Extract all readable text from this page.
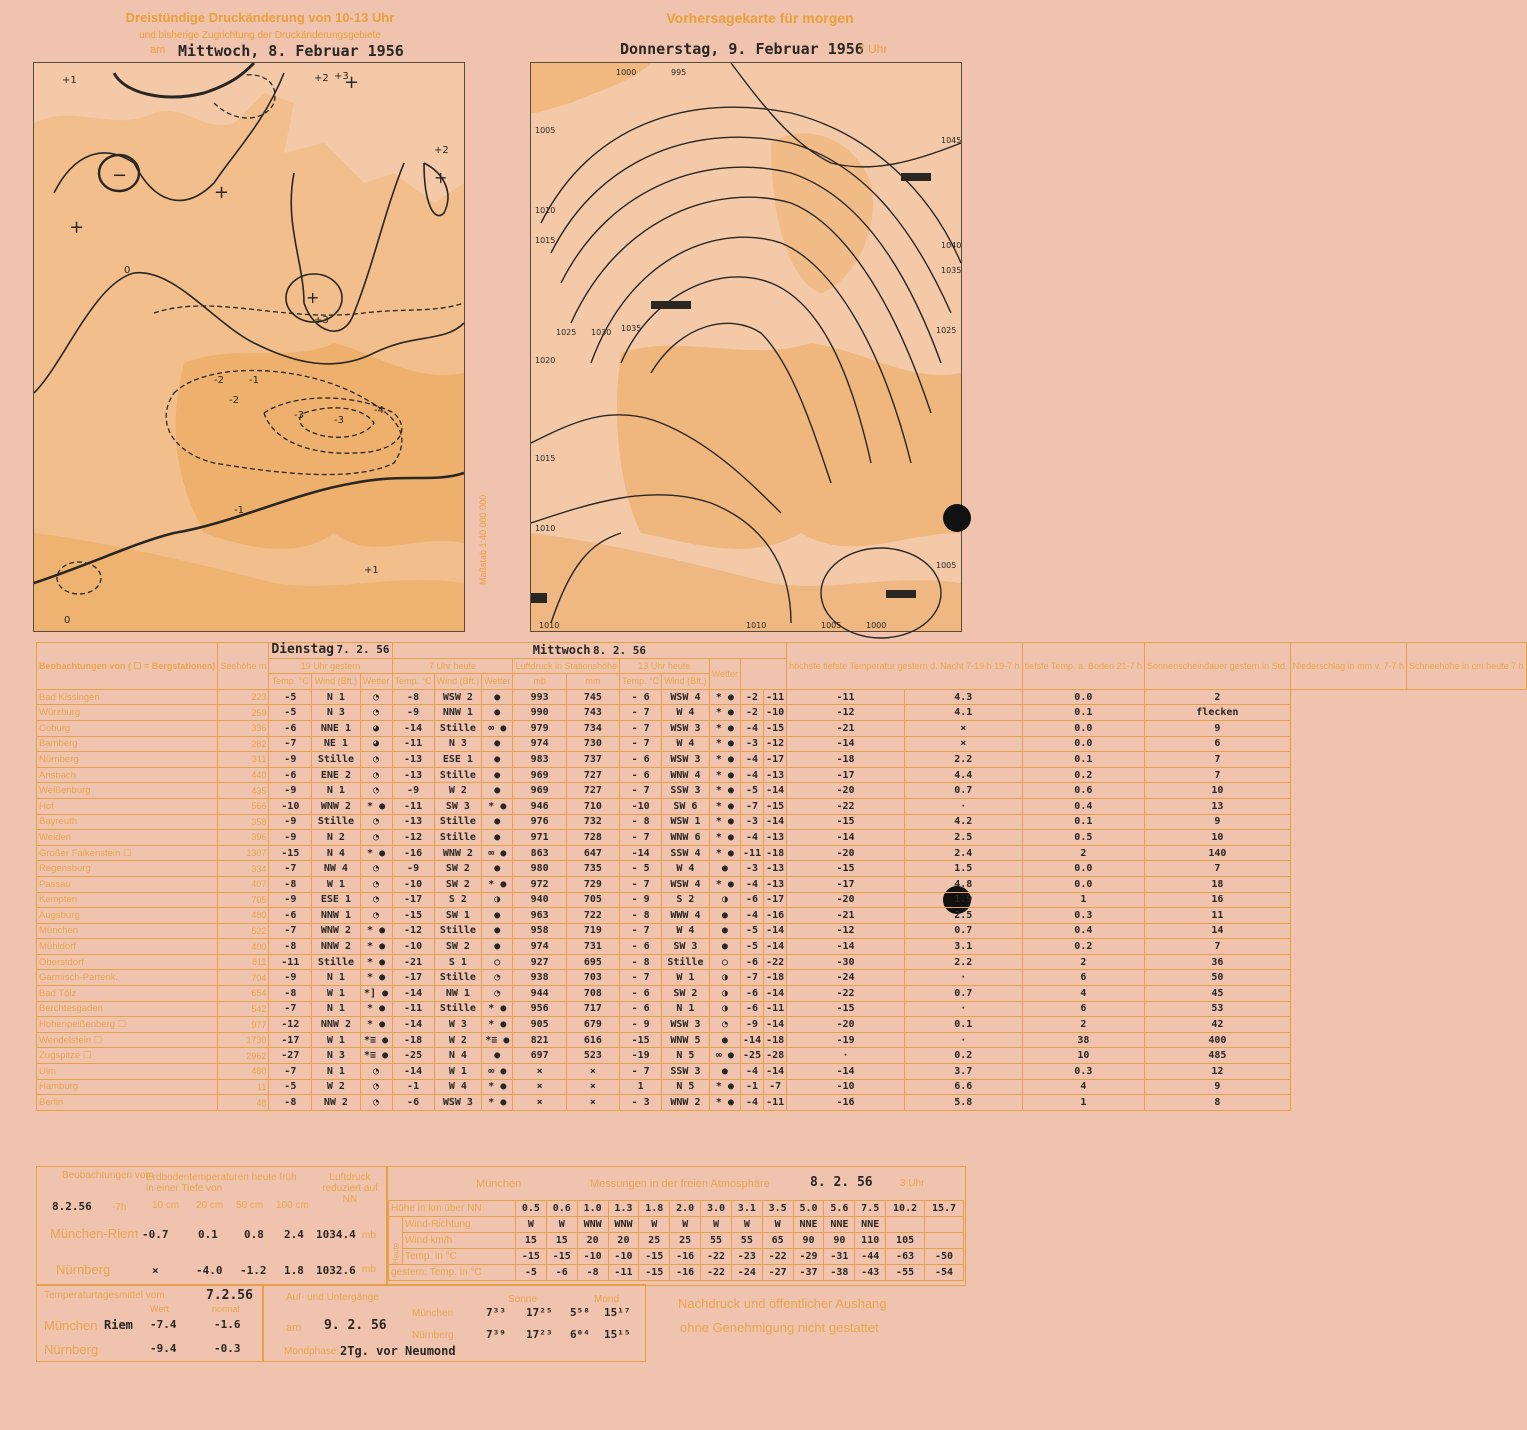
Dreistündige Druckänderung von 10-13 Uhr
und bisherige Zugrichtung der Druckänderungsgebiete
am Mittwoch, 8. Februar 1956
Vorhersagekarte für morgen
Donnerstag, 9. Februar 1956
7 Uhr
+1	+2 +3
-1
-2
-3	-4
0
+
−
+
+
+
+
+1
+2
+3
-1
-2
-3
0
1000	995
1005
1010
1015
1020
1025 1030 1035
1040
1045
1035
1025
1015
1010
1005
1000
1010	1010	1005
Maßstab 1:40 000 000
Beobachtungen von ( ☐ = Bergstationen)	Seehöhe m	Dienstag 7. 2. 56			Mittwoch 8. 2. 56										höchste tiefste Temperatur gestern d. Nacht 7-19 h 19-7 h		tiefste Temp. a. Boden 21-7 h	Sonnenscheindauer gestern in Std.	Niederschlag in mm v. 7-7 h	Schneehöhe in cm heute 7 h
		19 Uhr gestern			7 Uhr heute			Luftdruck in Stationshöhe		13 Uhr heute		Wetter							
		Temp. °C	Wind (Bft.)	Wetter	Temp. °C	Wind (Bft.)	Wetter	mb	mm	Temp. °C	Wind (Bft.)									
Bad Kissingen	223	-5	N 1	◔	-8	WSW 2	●	993	745	- 6	WSW 4	* ●	-2	-11	-11	4.3	0.0	2		
Würzburg	259	-5	N 3	◔	-9	NNW 1	●	990	743	- 7	W 4	* ●	-2	-10	-12	4.1	0.1	flecken		
Coburg	336	-6	NNE 1	◕	-14	Stille	∞ ●	979	734	- 7	WSW 3	* ●	-4	-15	-21	×	0.0	9		
Bamberg	282	-7	NE 1	◕	-11	N 3	●	974	730	- 7	W 4	* ●	-3	-12	-14	×	0.0	6		
Nürnberg	311	-9	Stille	◔	-13	ESE 1	●	983	737	- 6	WSW 3	* ●	-4	-17	-18	2.2	0.1	7		
Ansbach	440	-6	ENE 2	◔	-13	Stille	●	969	727	- 6	WNW 4	* ●	-4	-13	-17	4.4	0.2	7		
Weißenburg	435	-9	N 1	◔	-9	W 2	●	969	727	- 7	SSW 3	* ●	-5	-14	-20	0.7	0.6	10		
Hof	566	-10	WNW 2	* ●	-11	SW 3	* ●	946	710	-10	SW 6	* ●	-7	-15	-22	·	0.4	13		
Bayreuth	358	-9	Stille	◔	-13	Stille	●	976	732	- 8	WSW 1	* ●	-3	-14	-15	4.2	0.1	9		
Weiden	396	-9	N 2	◔	-12	Stille	●	971	728	- 7	WNW 6	* ●	-4	-13	-14	2.5	0.5	10		
Großer Falkenstein ☐	1307	-15	N 4	* ●	-16	WNW 2	∞ ●	863	647	-14	SSW 4	* ●	-11	-18	-20	2.4	2	140		
Regensburg	334	-7	NW 4	◔	-9	SW 2	●	980	735	- 5	W 4	●	-3	-13	-15	1.5	0.0	7		
Passau	407	-8	W 1	◔	-10	SW 2	* ●	972	729	- 7	WSW 4	* ●	-4	-13	-17	4.8	0.0	18		
Kempten	705	-9	ESE 1	◔	-17	S 2	◑	940	705	- 9	S 2	◑	-6	-17	-20	1.9	1	16		
Augsburg	480	-6	NNW 1	◔	-15	SW 1	●	963	722	- 8	WWW 4	●	-4	-16	-21	2.5	0.3	11		
München	522	-7	WNW 2	* ●	-12	Stille	●	958	719	- 7	W 4	●	-5	-14	-12	0.7	0.4	14		
Mühldorf	400	-8	NNW 2	* ●	-10	SW 2	●	974	731	- 6	SW 3	●	-5	-14	-14	3.1	0.2	7		
Oberstdorf	811	-11	Stille	* ●	-21	S 1	○	927	695	- 8	Stille	○	-6	-22	-30	2.2	2	36		
Garmisch-Partenk.	704	-9	N 1	* ●	-17	Stille	◔	938	703	- 7	W 1	◑	-7	-18	-24	·	6	50		
Bad Tölz	654	-8	W 1	*] ●	-14	NW 1	◔	944	708	- 6	SW 2	◑	-6	-14	-22	0.7	4	45		
Berchtesgaden	542	-7	N 1	* ●	-11	Stille	* ●	956	717	- 6	N 1	◑	-6	-11	-15	·	6	53		
Hohenpeißenberg ☐	977	-12	NNW 2	* ●	-14	W 3	* ●	905	679	- 9	WSW 3	◔	-9	-14	-20	0.1	2	42		
Wendelstein ☐	1730	-17	W 1	*≡ ●	-18	W 2	*≡ ●	821	616	-15	WNW 5	●	-14	-18	-19	·	38	400		
Zugspitze ☐	2962	-27	N 3	*≡ ●	-25	N 4	●	697	523	-19	N 5	∞ ●	-25	-28	·	0.2	10	485		
Ulm	480	-7	N 1	◔	-14	W 1	∞ ●	×	×	- 7	SSW 3	●	-4	-14	-14	3.7	0.3	12		
Hamburg	11	-5	W 2	◔	-1	W 4	* ●	×	×	1	N 5	* ●	-1	-7	-10	6.6	4	9		
Berlin	48	-8	NW 2	◔	-6	WSW 3	* ●	×	×	- 3	WNW 2	* ●	-4	-11	-16	5.8	1	8		
Beobachtungen vom
8.2.56 -7h
Erdbodentemperaturen heute früh in einer Tiefe von
10 cm 20 cm 50 cm 100 cm
Luftdruck reduziert auf NN
München-Riem -0.7	0.1 0.8 2.4 1034.4 mb
Nürnberg	×	-4.0 -1.2 1.8 1032.6 mb
München	Messungen in der freien Atmosphäre	8. 2. 56	3 Uhr
Höhe in km über NN		0.5	0.6	1.0	1.3	1.8	2.0	3.0	3.1	3.5	5.0	5.6	7.5	10.2	15.7
Heute	Wind-Richtung	W	W	WNW	WNW	W	W	W	W	W	NNE	NNE	NNE		
	Wind km/h	15	15	20	20	25	25	55	55	65	90	90	110	105	
	Temp. in °C	-15	-15	-10	-10	-15	-16	-22	-23	-22	-29	-31	-44	-63	-50
gestern: Temp. in °C		-5	-6	-8	-11	-15	-16	-22	-24	-27	-37	-38	-43	-55	-54
Temperaturtagesmittel vom	7.2.56
Wert	normal
München Riem -7.4	-1.6
Nürnberg	-9.4	-0.3
Auf- und Untergänge
am 9. 2. 56
Sonne	Mond
München	7³³ 17²⁵ 5⁵⁸ 15¹⁷
Nürnberg	7³⁹ 17²³ 6⁰⁴ 15¹⁵
Mondphase: 2Tg. vor Neumond
Nachdruck und öffentlicher Aushang
ohne Genehmigung nicht gestattet
